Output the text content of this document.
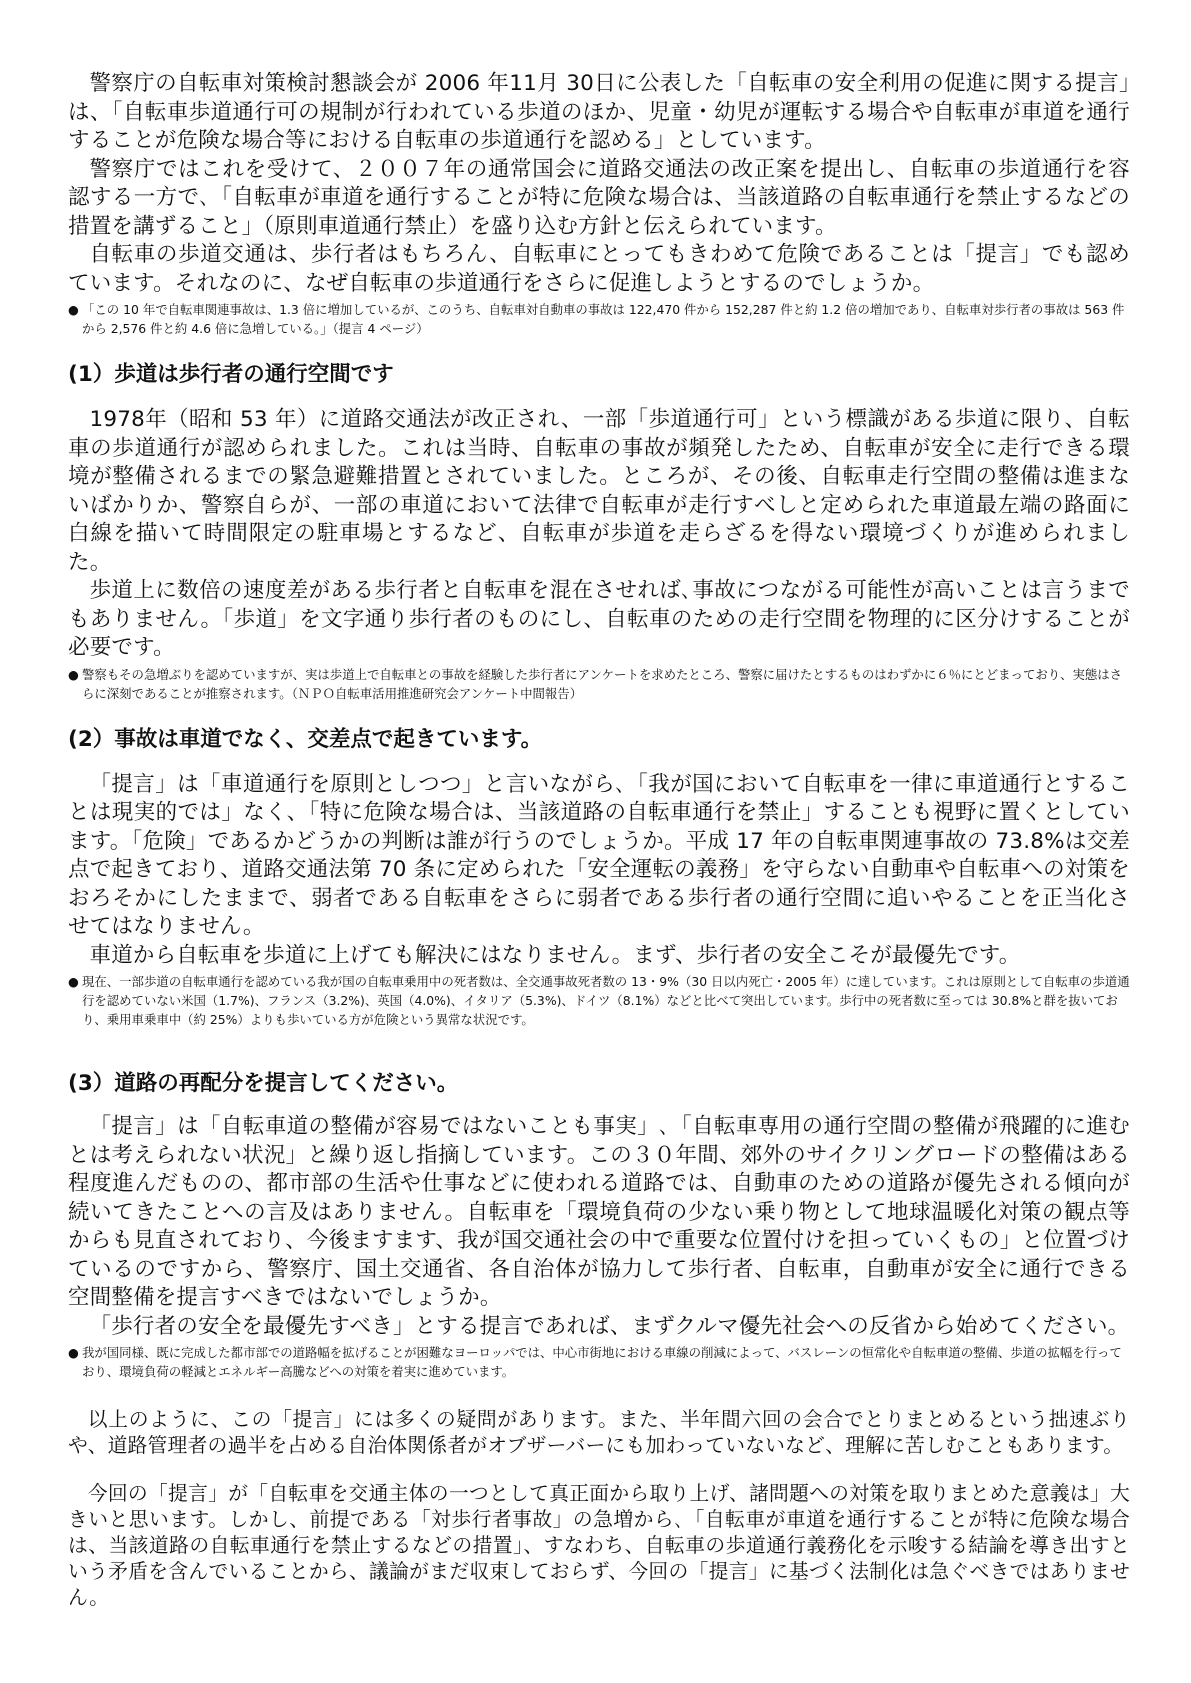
警察庁の自転車対策検討懇談会が 2006 年11月 30日に公表した「自転車の安全利用の促進に関する提言」は、「自転車歩道通行可の規制が行われている歩道のほか、児童・幼児が運転する場合や自転車が車道を通行することが危険な場合等における自転車の歩道通行を認める」としています。

警察庁ではこれを受けて、２００７年の通常国会に道路交通法の改正案を提出し、自転車の歩道通行を容認する一方で､「自転車が車道を通行することが特に危険な場合は、当該道路の自転車通行を禁止するなどの措置を講ずること」（原則車道通行禁止）を盛り込む方針と伝えられています。

自転車の歩道交通は、歩行者はもちろん、自転車にとってもきわめて危険であることは「提言」でも認めています。それなのに、なぜ自転車の歩道通行をさらに促進しようとするのでしょうか。

● 「この 10 年で自転車関連事故は、1.3 倍に増加しているが、このうち、自転車対自動車の事故は 122,470 件から 152,287 件と約 1.2 倍の増加であり、自転車対歩行者の事故は 563 件から 2,576 件と約 4.6 倍に急増している。」（提言 4 ページ）

(1）歩道は歩行者の通行空間です

1978年（昭和 53 年）に道路交通法が改正され、一部「歩道通行可」という標識がある歩道に限り、自転車の歩道通行が認められました。これは当時、自転車の事故が頻発したため、自転車が安全に走行できる環境が整備されるまでの緊急避難措置とされていました。ところが、その後、自転車走行空間の整備は進まないばかりか、警察自らが、一部の車道において法律で自転車が走行すべしと定められた車道最左端の路面に白線を描いて時間限定の駐車場とするなど、自転車が歩道を走らざるを得ない環境づくりが進められました。

歩道上に数倍の速度差がある歩行者と自転車を混在させれば､事故につながる可能性が高いことは言うまでもありません。「歩道」を文字通り歩行者のものにし、自転車のための走行空間を物理的に区分けすることが必要です。

● 警察もその急増ぶりを認めていますが、実は歩道上で自転車との事故を経験した歩行者にアンケートを求めたところ、警察に届けたとするものはわずかに６％にとどまっており、実態はさらに深刻であることが推察されます。（ＮＰＯ自転車活用推進研究会アンケート中間報告）

(2）事故は車道でなく、交差点で起きています。

「提言」は「車道通行を原則としつつ」と言いながら､「我が国において自転車を一律に車道通行とすることは現実的では」なく、「特に危険な場合は、当該道路の自転車通行を禁止」することも視野に置くとしています。「危険」であるかどうかの判断は誰が行うのでしょうか。平成 17 年の自転車関連事故の 73.8%は交差点で起きており、道路交通法第 70 条に定められた「安全運転の義務」を守らない自動車や自転車への対策をおろそかにしたままで、弱者である自転車をさらに弱者である歩行者の通行空間に追いやることを正当化させてはなりません。

車道から自転車を歩道に上げても解決にはなりません。まず、歩行者の安全こそが最優先です。

● 現在、一部歩道の自転車通行を認めている我が国の自転車乗用中の死者数は、全交通事故死者数の 13・9%（30 日以内死亡・2005 年）に達しています。これは原則として自転車の歩道通行を認めていない米国（1.7%)、フランス（3.2%)、英国（4.0%)、イタリア（5.3%)、ドイツ（8.1%）などと比べて突出しています。歩行中の死者数に至っては 30.8%と群を抜いており、乗用車乗車中（約 25%）よりも歩いている方が危険という異常な状況です。

(3）道路の再配分を提言してください。

「提言」は「自転車道の整備が容易ではないことも事実」､「自転車専用の通行空間の整備が飛躍的に進むとは考えられない状況」と繰り返し指摘しています。この３０年間、郊外のサイクリングロードの整備はある程度進んだものの、都市部の生活や仕事などに使われる道路では、自動車のための道路が優先される傾向が続いてきたことへの言及はありません。自転車を「環境負荷の少ない乗り物として地球温暖化対策の観点等からも見直されており、今後ますます、我が国交通社会の中で重要な位置付けを担っていくもの」と位置づけているのですから、警察庁、国土交通省、各自治体が協力して歩行者、自転車，自動車が安全に通行できる空間整備を提言すべきではないでしょうか。

「歩行者の安全を最優先すべき」とする提言であれば、まずクルマ優先社会への反省から始めてください。

● 我が国同様、既に完成した都市部での道路幅を拡げることが困難なヨーロッパでは、中心市街地における車線の削減によって、バスレーンの恒常化や自転車道の整備、歩道の拡幅を行っており、環境負荷の軽減とエネルギー高騰などへの対策を着実に進めています。

以上のように、この「提言」には多くの疑問があります。また、半年間六回の会合でとりまとめるという拙速ぶりや、道路管理者の過半を占める自治体関係者がオブザーバーにも加わっていないなど、理解に苦しむこともあります。

今回の「提言」が「自転車を交通主体の一つとして真正面から取り上げ、諸問題への対策を取りまとめた意義は」大きいと思います。しかし、前提である「対歩行者事故」の急増から､「自転車が車道を通行することが特に危険な場合は、当該道路の自転車通行を禁止するなどの措置」、すなわち、自転車の歩道通行義務化を示唆する結論を導き出すという矛盾を含んでいることから、議論がまだ収束しておらず、今回の「提言」に基づく法制化は急ぐべきではありません。
